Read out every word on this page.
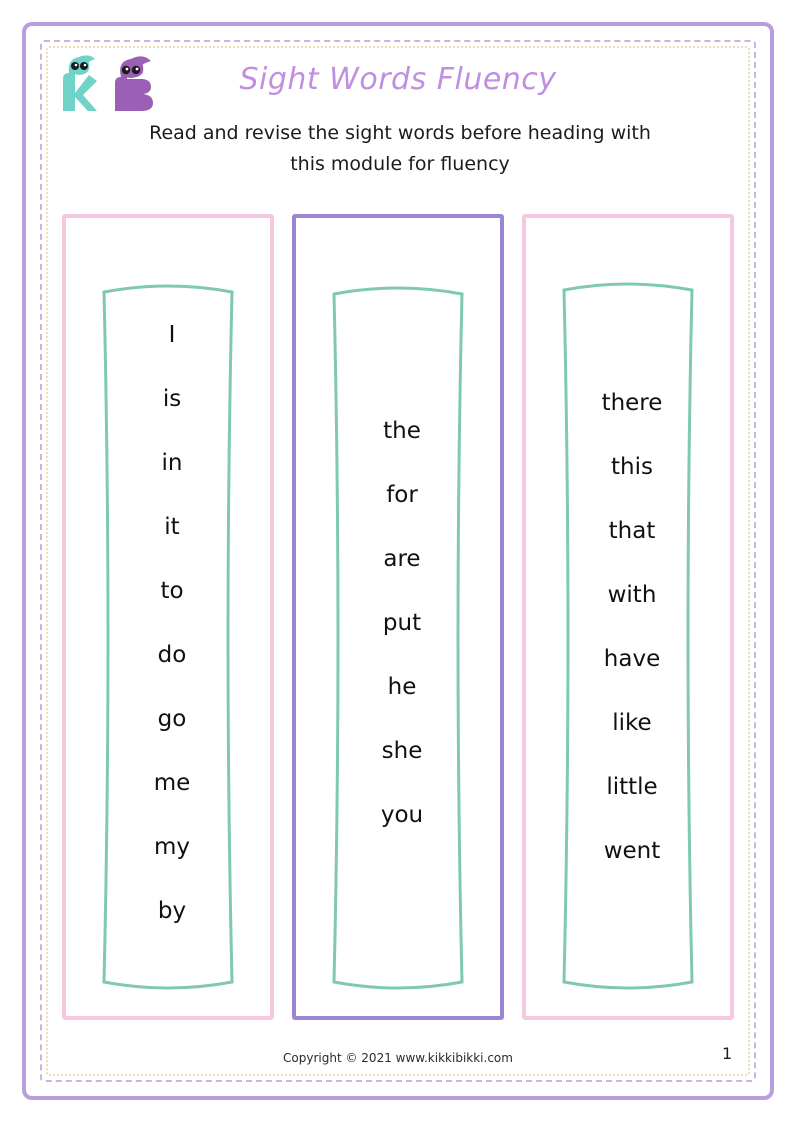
Sight Words Fluency
Read and revise the sight words before heading with this module for fluency
I
is
in
it
to
do
go
me
my
by
the
for
are
put
he
she
you
there
this
that
with
have
like
little
went
Copyright © 2021 www.kikkibikki.com	1
